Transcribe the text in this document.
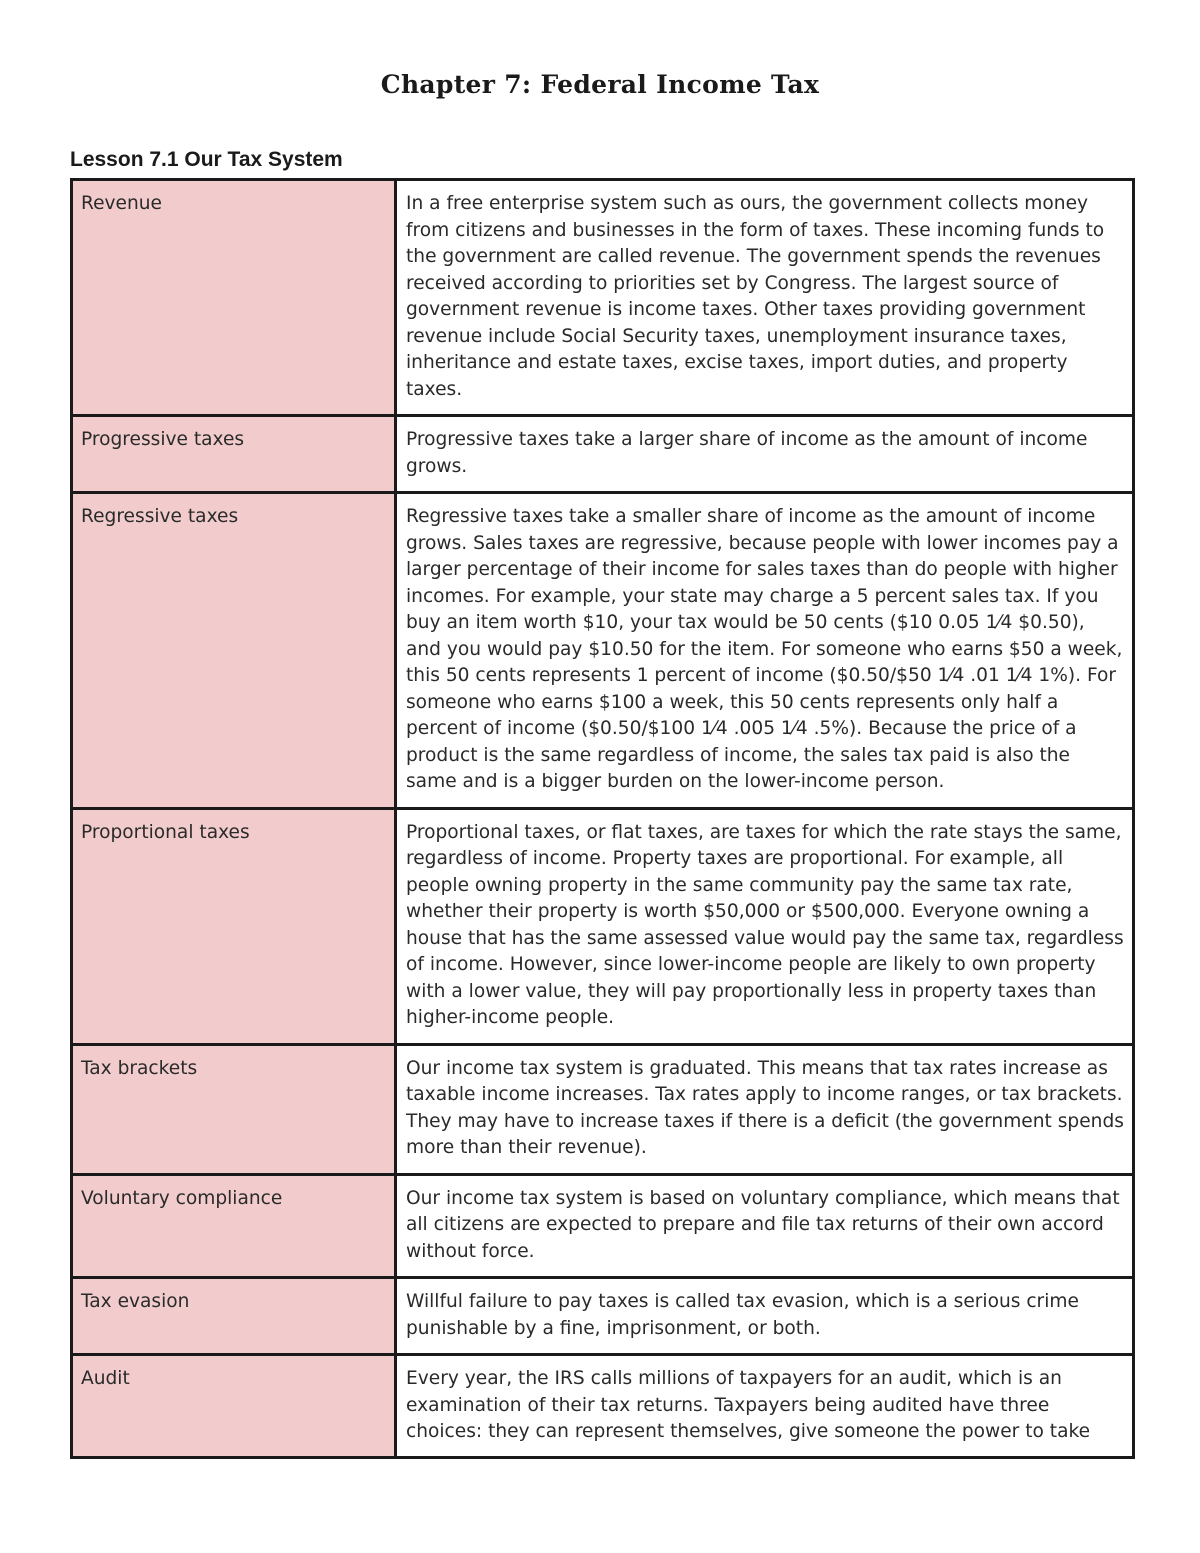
Chapter 7: Federal Income Tax
Lesson 7.1 Our Tax System
Revenue	In a free enterprise system such as ours, the government collects money from citizens and businesses in the form of taxes. These incoming funds to the government are called revenue. The government spends the revenues received according to priorities set by Congress. The largest source of government revenue is income taxes. Other taxes providing government revenue include Social Security taxes, unemployment insurance taxes, inheritance and estate taxes, excise taxes, import duties, and property taxes.
Progressive taxes	Progressive taxes take a larger share of income as the amount of income grows.
Regressive taxes	Regressive taxes take a smaller share of income as the amount of income grows. Sales taxes are regressive, because people with lower incomes pay a larger percentage of their income for sales taxes than do people with higher incomes. For example, your state may charge a 5 percent sales tax. If you buy an item worth $10, your tax would be 50 cents ($10 0.05 1⁄4 $0.50), and you would pay $10.50 for the item. For someone who earns $50 a week, this 50 cents represents 1 percent of income ($0.50/$50 1⁄4 .01 1⁄4 1%). For someone who earns $100 a week, this 50 cents represents only half a percent of income ($0.50/$100 1⁄4 .005 1⁄4 .5%). Because the price of a product is the same regardless of income, the sales tax paid is also the same and is a bigger burden on the lower-income person.
Proportional taxes	Proportional taxes, or flat taxes, are taxes for which the rate stays the same, regardless of income. Property taxes are proportional. For example, all people owning property in the same community pay the same tax rate, whether their property is worth $50,000 or $500,000. Everyone owning a house that has the same assessed value would pay the same tax, regardless of income. However, since lower-income people are likely to own property with a lower value, they will pay proportionally less in property taxes than higher-income people.
Tax brackets	Our income tax system is graduated. This means that tax rates increase as taxable income increases. Tax rates apply to income ranges, or tax brackets. They may have to increase taxes if there is a deficit (the government spends more than their revenue).
Voluntary compliance	Our income tax system is based on voluntary compliance, which means that all citizens are expected to prepare and file tax returns of their own accord without force.
Tax evasion	Willful failure to pay taxes is called tax evasion, which is a serious crime punishable by a fine, imprisonment, or both.
Audit	Every year, the IRS calls millions of taxpayers for an audit, which is an examination of their tax returns. Taxpayers being audited have three choices: they can represent themselves, give someone the power to take
